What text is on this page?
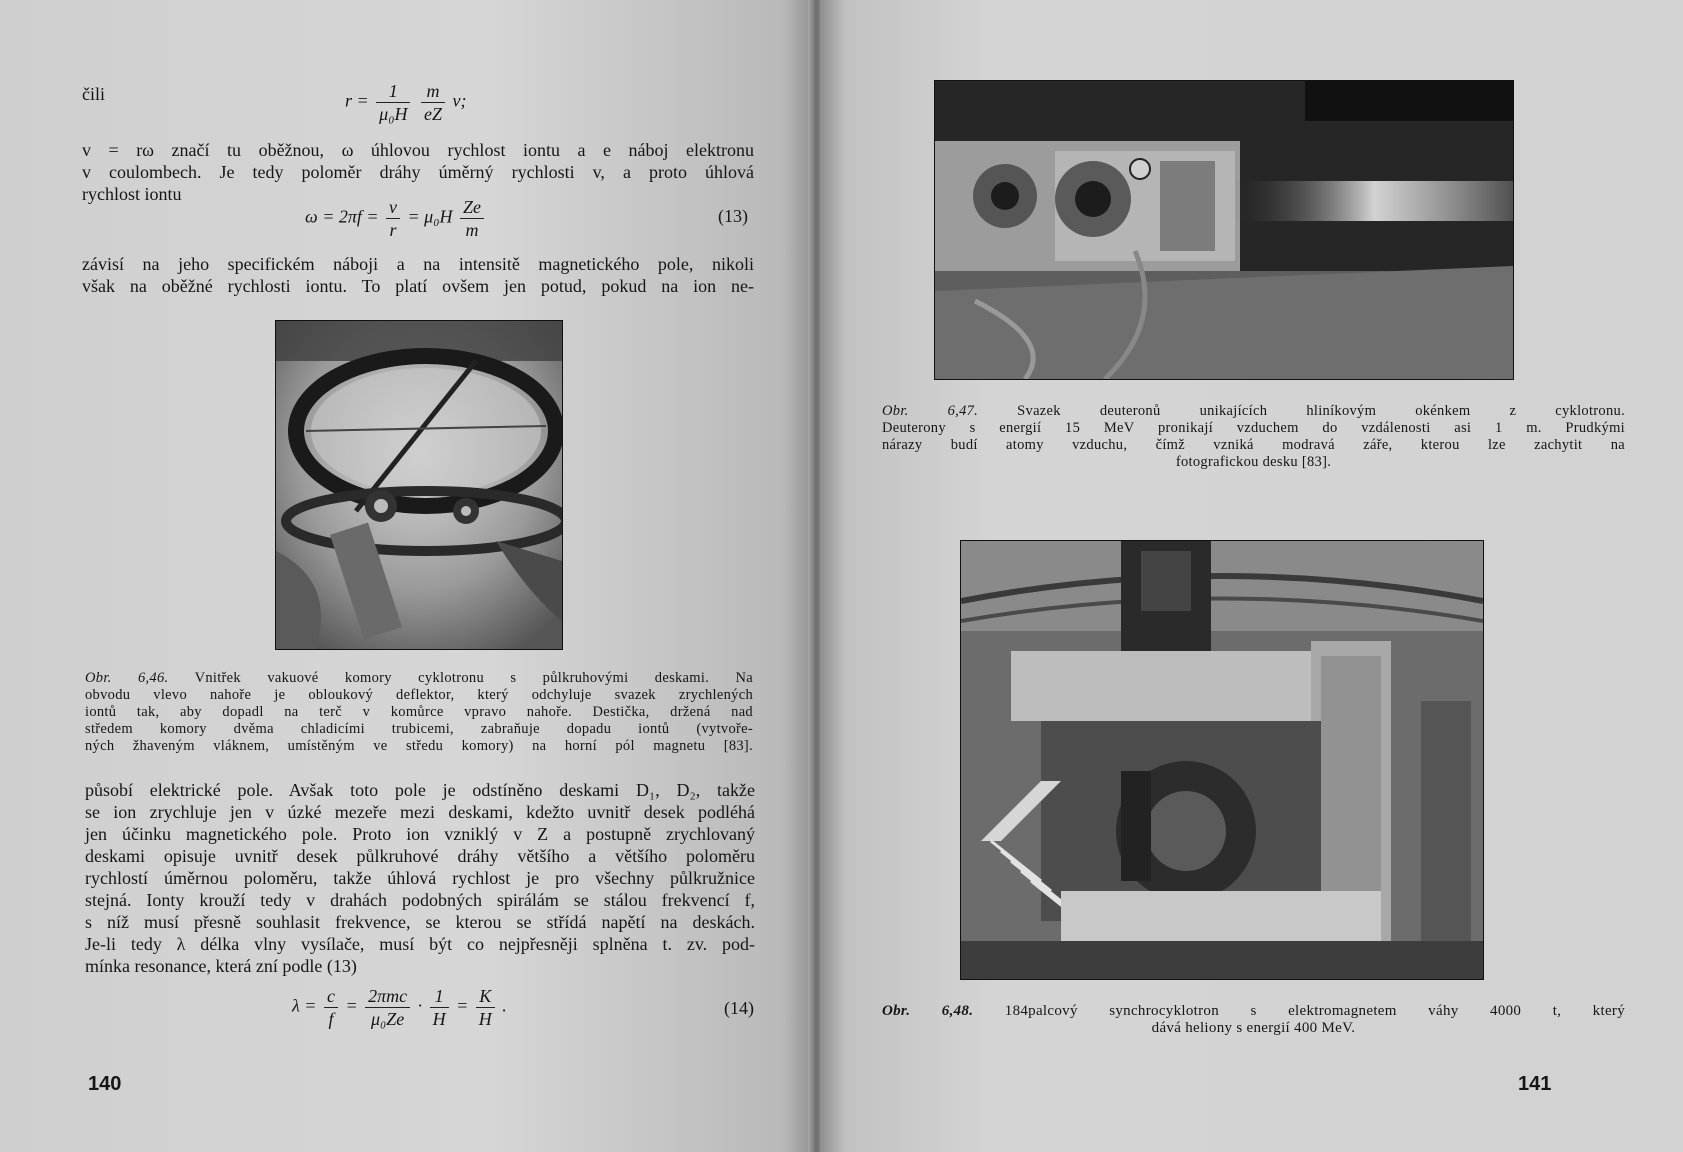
čili	$r = \frac{1}{\text{μ₀H}}$
$\frac{m}{eZ} v$;
v = rω značí tu oběžnou, ω úhlovou rychlost iontu a e náboj elektronu
v coulombech. Je tedy poloměr dráhy úměrný rychlosti v, a proto úhlová
rychlost iontu
$\omega = 2\pi f = \frac{v}{r} = \mu_0H \frac{Ze}{m}$	(13)
závisí na jeho specifickém náboji a na intensitě magnetického pole, nikoli
však na oběžné rychlosti iontu. To platí ovšem jen potud, pokud na ion ne-
Obr. 6,46. Vnitřek vakuové komory cyklotronu s půlkruhovými deskami. Na
obvodu vlevo nahoře je obloukový deflektor, který odchyluje svazek zrychlených
iontů tak, aby dopadl na terč v komůrce vpravo nahoře. Destička, držená nad
středem komory dvěma chladicími trubicemi, zabraňuje dopadu iontů (vytvoře-
ných žhaveným vláknem, umístěným ve středu komory) na horní pól magnetu [83].
působí elektrické pole. Avšak toto pole je odstíněno deskami D₁, D₂, takže
se ion zrychluje jen v úzké mezeře mezi deskami, kdežto uvnitř desek podléhá
jen účinku magnetického pole. Proto ion vzniklý v Z a postupně zrychlovaný
deskami opisuje uvnitř desek půlkruhové dráhy většího a většího poloměru
rychlostí úměrnou poloměru, takže úhlová rychlost je pro všechny půlkružnice
stejná. Ionty krouží tedy v drahách podobných spirálám se stálou frekvencí f,
s níž musí přesně souhlasit frekvence, se kterou se střídá napětí na deskách.
Je-li tedy λ délka vlny vysílače, musí být co nejpřesněji splněna t. zv. pod-
mínka resonance, která zní podle (13)
$\lambda = \frac{c}{f} = \frac{\text{2πmc}}{\text{μ₀Ze}} \cdot \frac{1}{H} = \frac{K}{H}$ .	(14)
140
Obr. 6,47.	Svazek deuteronů unikajících hliníkovým okénkem z cyklotronu.
Deuterony s energií 15 MeV pronikají vzduchem do vzdálenosti asi 1 m. Prudkými
nárazy budí atomy vzduchu, čímž vzniká modravá záře, kterou lze zachytit na
fotografickou desku [83].
Obr. 6,48. 184palcový synchrocyklotron s elektromagnetem váhy 4000 t, který
dává heliony s energií 400 MeV.
141
